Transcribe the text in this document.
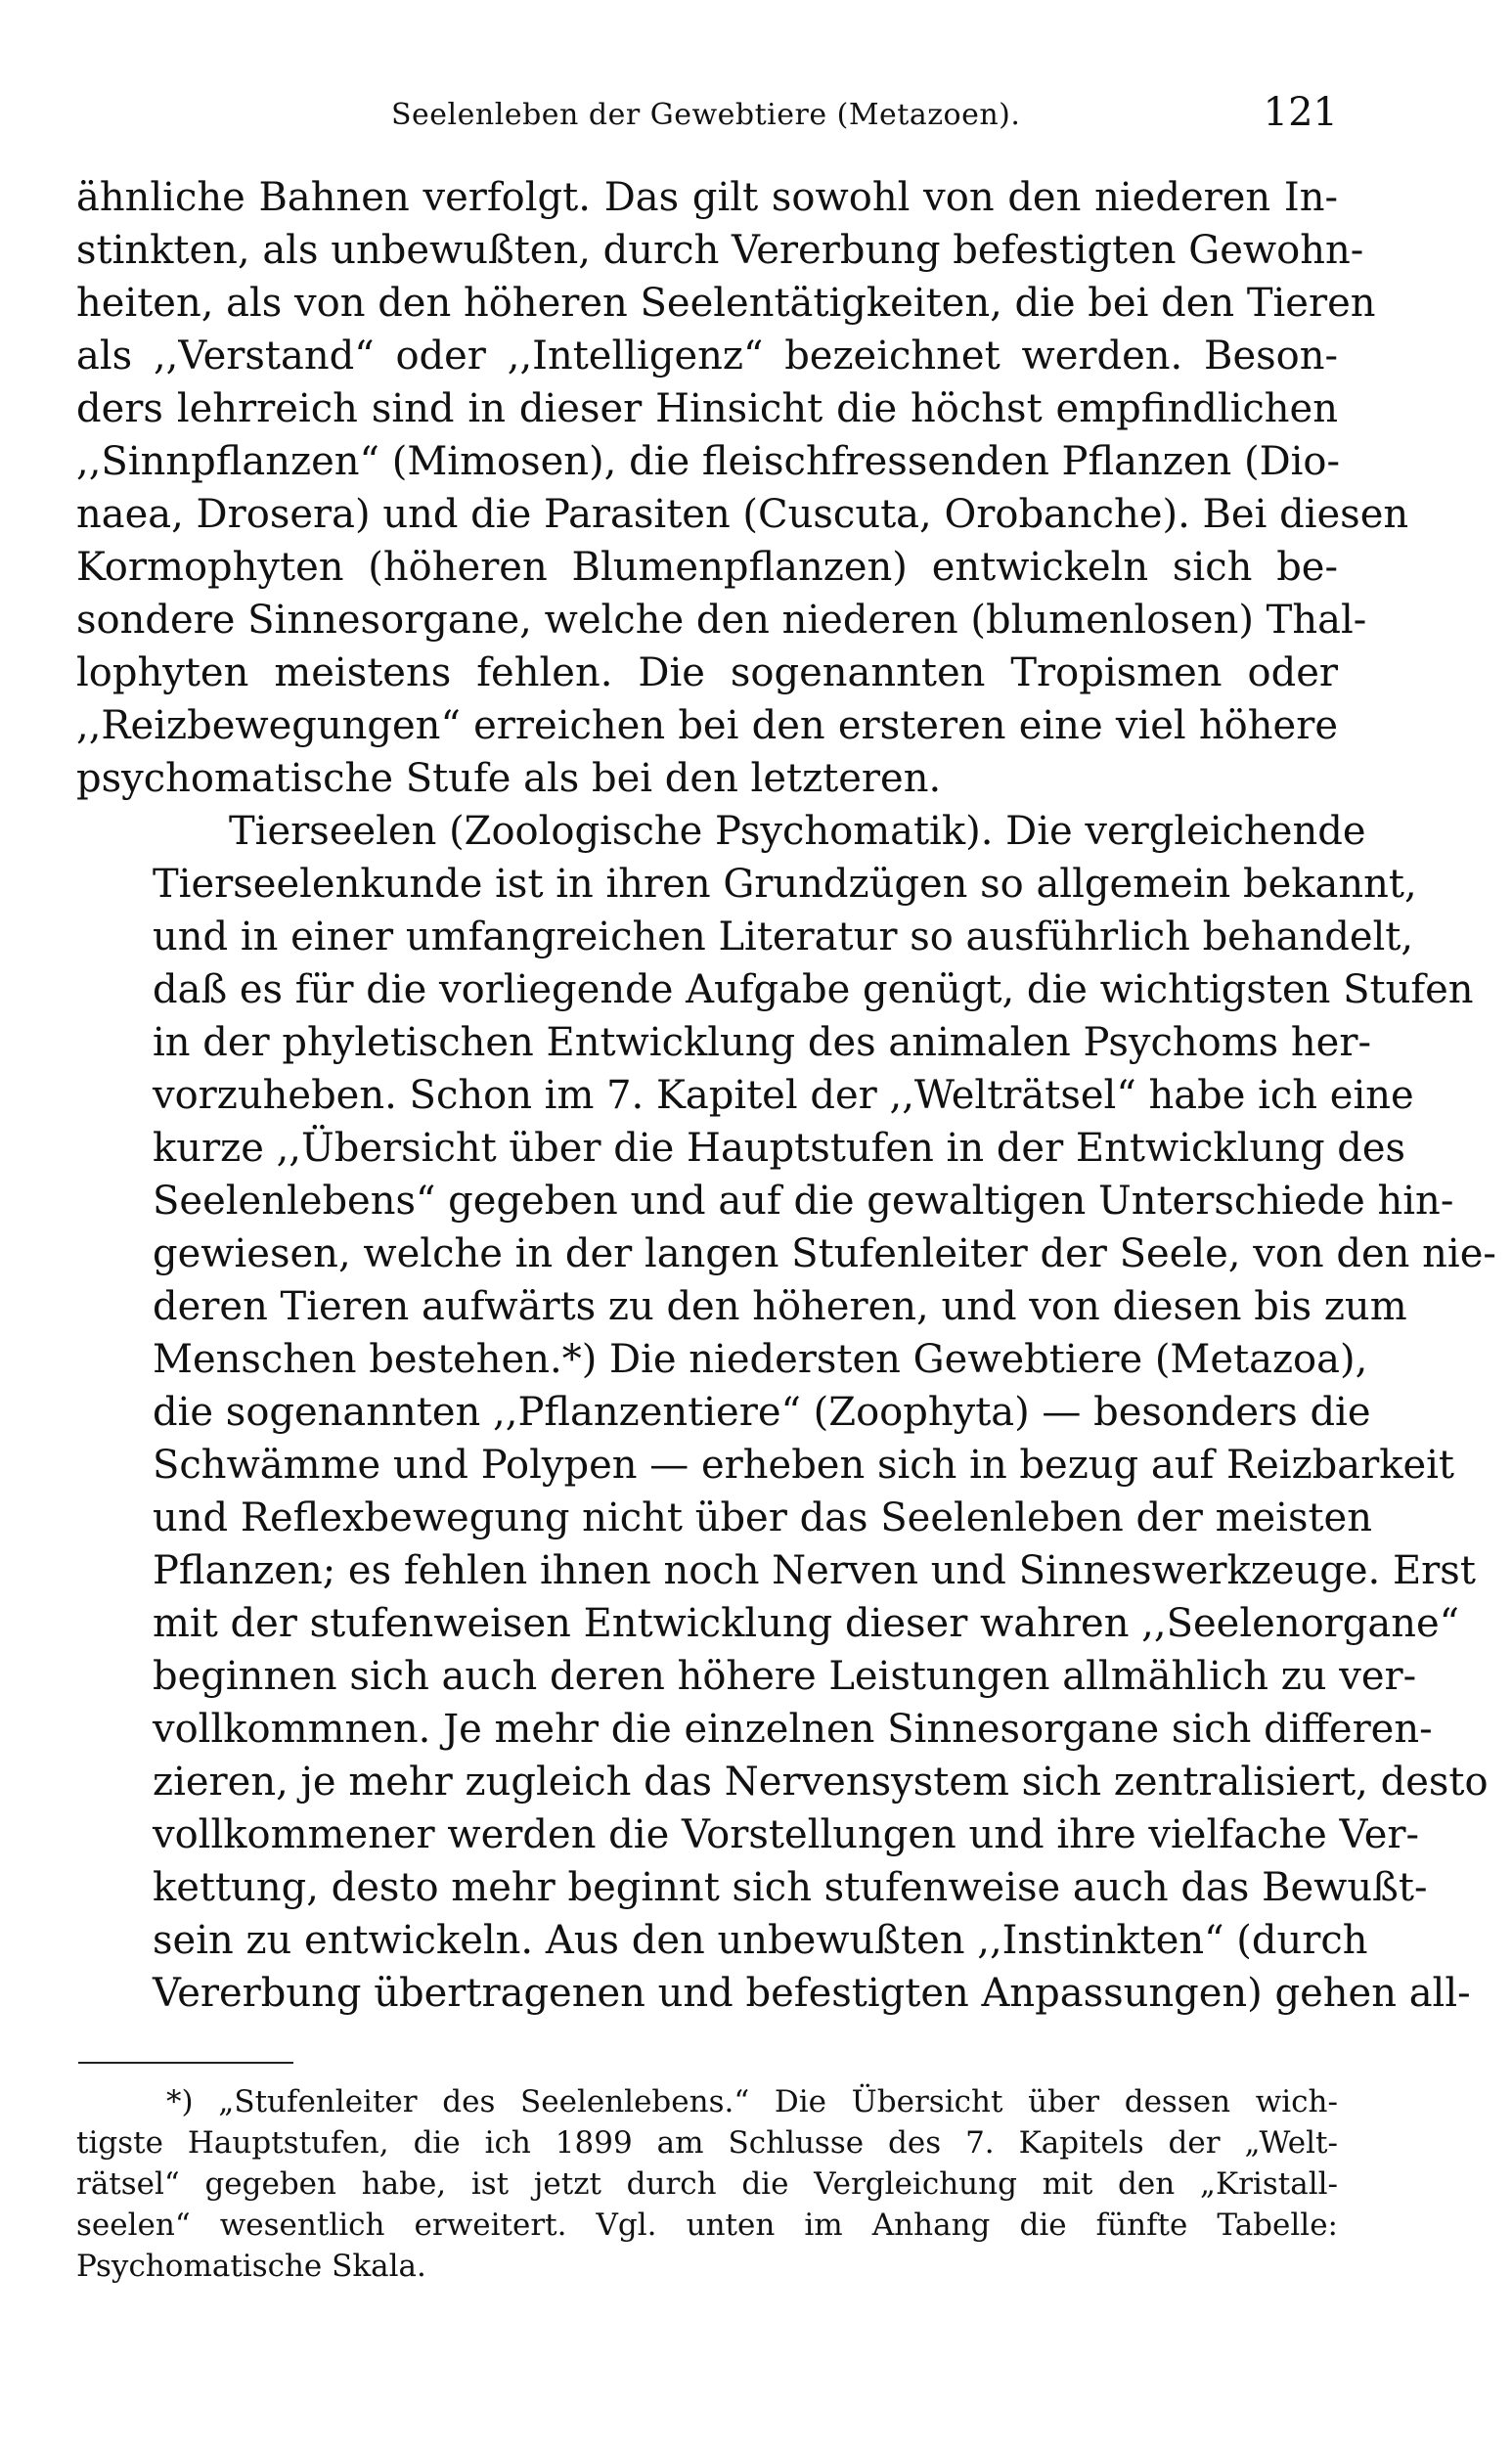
Seelenleben der Gewebtiere (Metazoen).	121
ähnliche Bahnen verfolgt. Das gilt sowohl von den niederen In-
stinkten, als unbewußten, durch Vererbung befestigten Gewohn-
heiten, als von den höheren Seelentätigkeiten, die bei den Tieren
als ,,Verstand“ oder ,,Intelligenz“ bezeichnet werden. Beson-
ders lehrreich sind in dieser Hinsicht die höchst empfindlichen
,,Sinnpflanzen“ (Mimosen), die fleischfressenden Pflanzen (Dio-
naea, Drosera) und die Parasiten (Cuscuta, Orobanche). Bei diesen
Kormophyten (höheren Blumenpflanzen) entwickeln sich be-
sondere Sinnesorgane, welche den niederen (blumenlosen) Thal-
lophyten meistens fehlen. Die sogenannten Tropismen oder
,,Reizbewegungen“ erreichen bei den ersteren eine viel höhere
psychomatische Stufe als bei den letzteren.
Tierseelen (Zoologische Psychomatik). Die vergleichende
Tierseelenkunde ist in ihren Grundzügen so allgemein bekannt,
und in einer umfangreichen Literatur so ausführlich behandelt,
daß es für die vorliegende Aufgabe genügt, die wichtigsten Stufen
in der phyletischen Entwicklung des animalen Psychoms her-
vorzuheben. Schon im 7. Kapitel der ,,Welträtsel“ habe ich eine
kurze ,,Übersicht über die Hauptstufen in der Entwicklung des
Seelenlebens“ gegeben und auf die gewaltigen Unterschiede hin-
gewiesen, welche in der langen Stufenleiter der Seele, von den nie-
deren Tieren aufwärts zu den höheren, und von diesen bis zum
Menschen bestehen.*) Die niedersten Gewebtiere (Metazoa),
die sogenannten ,,Pflanzentiere“ (Zoophyta) — besonders die
Schwämme und Polypen — erheben sich in bezug auf Reizbarkeit
und Reflexbewegung nicht über das Seelenleben der meisten
Pflanzen; es fehlen ihnen noch Nerven und Sinneswerkzeuge. Erst
mit der stufenweisen Entwicklung dieser wahren ,,Seelenorgane“
beginnen sich auch deren höhere Leistungen allmählich zu ver-
vollkommnen. Je mehr die einzelnen Sinnesorgane sich differen-
zieren, je mehr zugleich das Nervensystem sich zentralisiert, desto
vollkommener werden die Vorstellungen und ihre vielfache Ver-
kettung, desto mehr beginnt sich stufenweise auch das Bewußt-
sein zu entwickeln. Aus den unbewußten ,,Instinkten“ (durch
Vererbung übertragenen und befestigten Anpassungen) gehen all-
*) „Stufenleiter des Seelenlebens.“ Die Übersicht über dessen wich-
tigste Hauptstufen, die ich 1899 am Schlusse des 7. Kapitels der „Welt-
rätsel“ gegeben habe, ist jetzt durch die Vergleichung mit den „Kristall-
seelen“ wesentlich erweitert. Vgl. unten im Anhang die fünfte Tabelle:
Psychomatische Skala.
